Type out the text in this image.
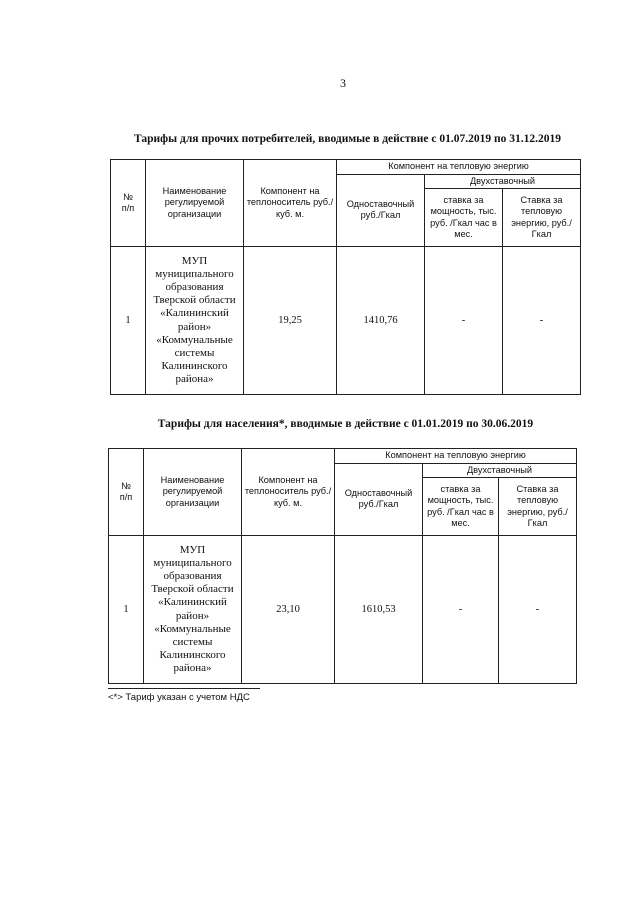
3
Тарифы для прочих потребителей, вводимые в действие с 01.07.2019 по 31.12.2019
№
п/п	Наименование регулируемой организации	Компонент на теплоноситель руб./куб. м.	Компонент на тепловую энергию		
			Одноставочный руб./Гкал	Двухставочный	
				ставка за мощность, тыс. руб. /Гкал час в мес.	Ставка за тепловую энергию, руб./Гкал
1	МУП муниципального образования Тверской области «Калининский район» «Коммунальные системы Калининского района»	19,25	1410,76	-	-
Тарифы для населения*, вводимые в действие с 01.01.2019 по 30.06.2019
№
п/п	Наименование регулируемой организации	Компонент на теплоноситель руб./куб. м.	Компонент на тепловую энергию		
			Одноставочный руб./Гкал	Двухставочный	
				ставка за мощность, тыс. руб. /Гкал час в мес.	Ставка за тепловую энергию, руб./Гкал
1	МУП муниципального образования Тверской области «Калининский район» «Коммунальные системы Калининского района»	23,10	1610,53	-	-
<*> Тариф указан с учетом НДС
